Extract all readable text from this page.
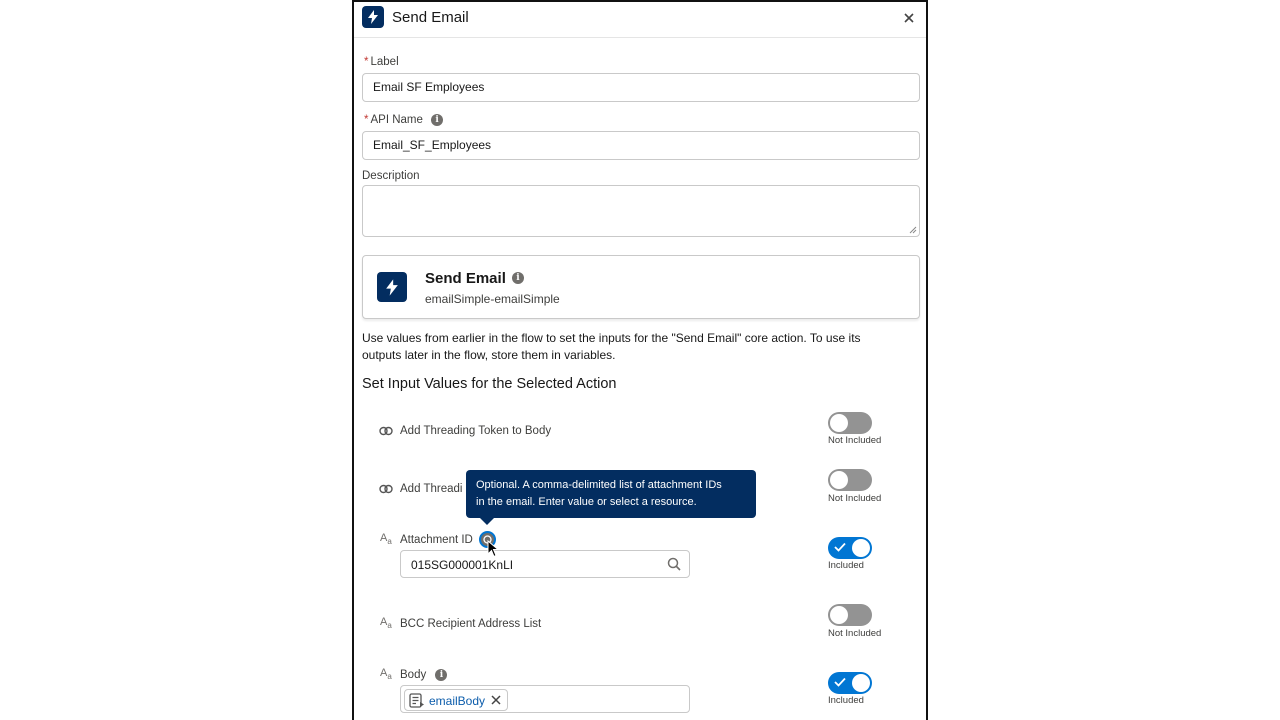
Send Email
* Label
Email SF Employees
* API Name i
Email_SF_Employees
Description
Send Email	i
emailSimple-emailSimple
Use values from earlier in the flow to set the inputs for the "Send Email" core action. To use its outputs later in the flow, store them in variables.
Set Input Values for the Selected Action
Add Threading Token to Body
Not Included
Add Threadi
Not Included
$A_a$ Attachment ID
Included
015SG000001KnLI
$A_a$ BCC Recipient Address List
Not Included
$A_a$ Body i
Included
emailBody
Optional. A comma-delimited list of attachment IDs
in the email. Enter value or select a resource.
